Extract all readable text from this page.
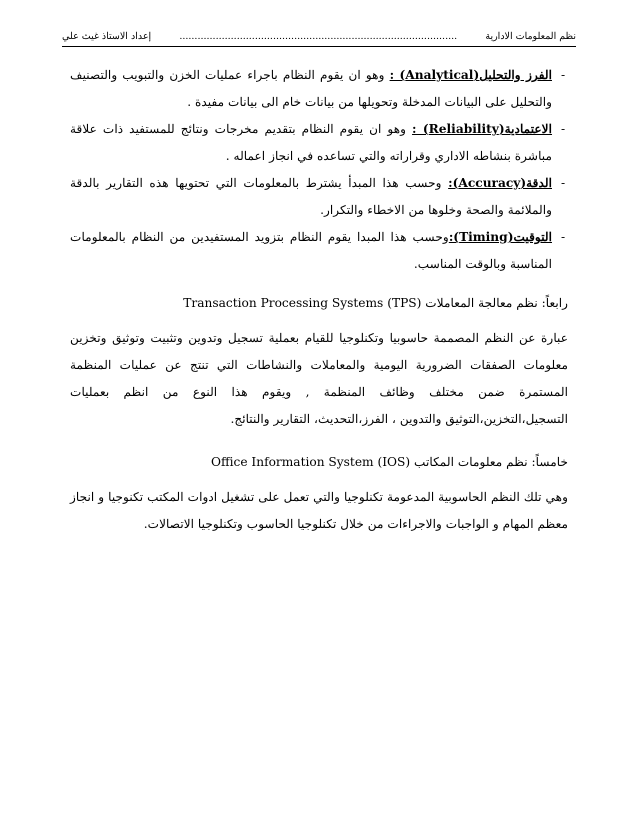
نظم المعلومات الادارية
............................................................................................
إعداد الاستاذ غيث علي
-
الفرز والتحليل(Analytical) : وهو ان يقوم النظام باجراء عمليات الخزن والتبويب والتصنيف والتحليل على البيانات المدخلة وتحويلها من بيانات خام الى بيانات مفيدة .
-
الاعتمادية(Reliability) : وهو ان يقوم النظام بتقديم مخرجات ونتائج للمستفيد ذات علاقة مباشرة بنشاطه الاداري وقراراته والتي تساعده في انجاز اعماله .
-
الدقة(Accuracy): وحسب هذا المبدأ يشترط بالمعلومات التي تحتويها هذه التقارير بالدقة والملائمة والصحة وخلوها من الاخطاء والتكرار.
-
التوقيت(Timing):وحسب هذا المبدا يقوم النظام بتزويد المستفيدين من النظام بالمعلومات المناسبة وبالوقت المناسب.
رابعاً: نظم معالجة المعاملات Transaction Processing Systems (TPS)
عبارة عن النظم المصممة حاسوبيا وتكنلوجيا للقيام بعملية تسجيل وتدوين وتثبيت وتوثيق وتخزين معلومات الصفقات الضرورية اليومية والمعاملات والنشاطات التي تنتج عن عمليات المنظمة المستمرة ضمن مختلف وظائف المنظمة , ويقوم هذا النوع من انظم بعمليات التسجيل،التخزين،التوثيق والتدوين ، الفرز،التحديث، التقارير والنتائج.
خامساً: نظم معلومات المكاتب Office Information System (IOS)
وهي تلك النظم الحاسوبية المدعومة تكنلوجيا والتي تعمل على تشغيل ادوات المكتب تكنوجيا و انجاز معظم المهام و الواجبات والاجراءات من خلال تكنلوجيا الحاسوب وتكنلوجيا الاتصالات.
